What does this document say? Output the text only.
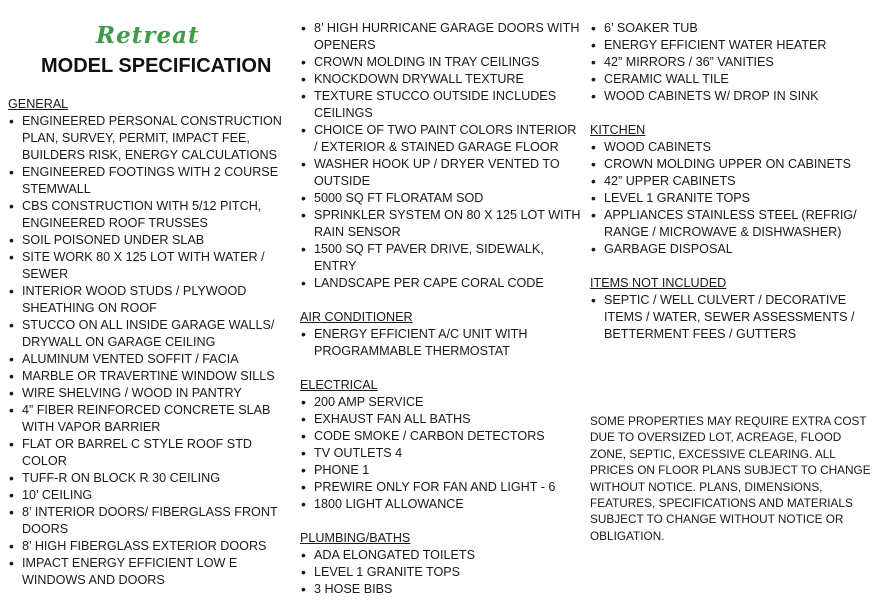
Retreat
MODEL SPECIFICATION
GENERAL
• ENGINEERED PERSONAL CONSTRUCTION PLAN, SURVEY, PERMIT, IMPACT FEE, BUILDERS RISK, ENERGY CALCULATIONS
• ENGINEERED FOOTINGS WITH 2 COURSE STEMWALL
• CBS CONSTRUCTION WITH 5/12 PITCH, ENGINEERED ROOF TRUSSES
• SOIL POISONED UNDER SLAB
• SITE WORK 80 X 125 LOT WITH WATER / SEWER
• INTERIOR WOOD STUDS / PLYWOOD SHEATHING ON ROOF
• STUCCO ON ALL INSIDE GARAGE WALLS/ DRYWALL ON GARAGE CEILING
• ALUMINUM VENTED SOFFIT / FACIA
• MARBLE OR TRAVERTINE WINDOW SILLS
• WIRE SHELVING / WOOD IN PANTRY
• 4” FIBER REINFORCED CONCRETE SLAB WITH VAPOR BARRIER
• FLAT OR BARREL C STYLE ROOF STD COLOR
• TUFF-R ON BLOCK R 30 CEILING
• 10’ CEILING
• 8’ INTERIOR DOORS/ FIBERGLASS FRONT DOORS
• 8’ HIGH FIBERGLASS EXTERIOR DOORS
• IMPACT ENERGY EFFICIENT LOW E WINDOWS AND DOORS
• 8’ HIGH HURRICANE GARAGE DOORS WITH OPENERS
• CROWN MOLDING IN TRAY CEILINGS
• KNOCKDOWN DRYWALL TEXTURE
• TEXTURE STUCCO OUTSIDE INCLUDES CEILINGS
• CHOICE OF TWO PAINT COLORS INTERIOR / EXTERIOR & STAINED GARAGE FLOOR
• WASHER HOOK UP / DRYER VENTED TO OUTSIDE
• 5000 SQ FT FLORATAM SOD
• SPRINKLER SYSTEM ON 80 X 125 LOT WITH RAIN SENSOR
• 1500 SQ FT PAVER DRIVE, SIDEWALK, ENTRY
• LANDSCAPE PER CAPE CORAL CODE
AIR CONDITIONER
• ENERGY EFFICIENT A/C UNIT WITH PROGRAMMABLE THERMOSTAT
ELECTRICAL
• 200 AMP SERVICE
• EXHAUST FAN ALL BATHS
• CODE SMOKE / CARBON DETECTORS
• TV OUTLETS 4
• PHONE 1
• PREWIRE ONLY FOR FAN AND LIGHT - 6
• 1800 LIGHT ALLOWANCE
PLUMBING/BATHS
• ADA ELONGATED TOILETS
• LEVEL 1 GRANITE TOPS
• 3 HOSE BIBS
• 6’ SOAKER TUB
• ENERGY EFFICIENT WATER HEATER
• 42” MIRRORS / 36” VANITIES
• CERAMIC WALL TILE
• WOOD CABINETS W/ DROP IN SINK
KITCHEN
• WOOD CABINETS
• CROWN MOLDING UPPER ON CABINETS
• 42” UPPER CABINETS
• LEVEL 1 GRANITE TOPS
• APPLIANCES STAINLESS STEEL (REFRIG/ RANGE / MICROWAVE & DISHWASHER)
• GARBAGE DISPOSAL
ITEMS NOT INCLUDED
• SEPTIC / WELL CULVERT / DECORATIVE ITEMS / WATER, SEWER ASSESSMENTS / BETTERMENT FEES / GUTTERS
SOME PROPERTIES MAY REQUIRE EXTRA COST DUE TO OVERSIZED LOT, ACREAGE, FLOOD ZONE, SEPTIC, EXCESSIVE CLEARING. ALL PRICES ON FLOOR PLANS SUBJECT TO CHANGE WITHOUT NOTICE. PLANS, DIMENSIONS, FEATURES, SPECIFICATIONS AND MATERIALS SUBJECT TO CHANGE WITHOUT NOTICE OR OBLIGATION.
